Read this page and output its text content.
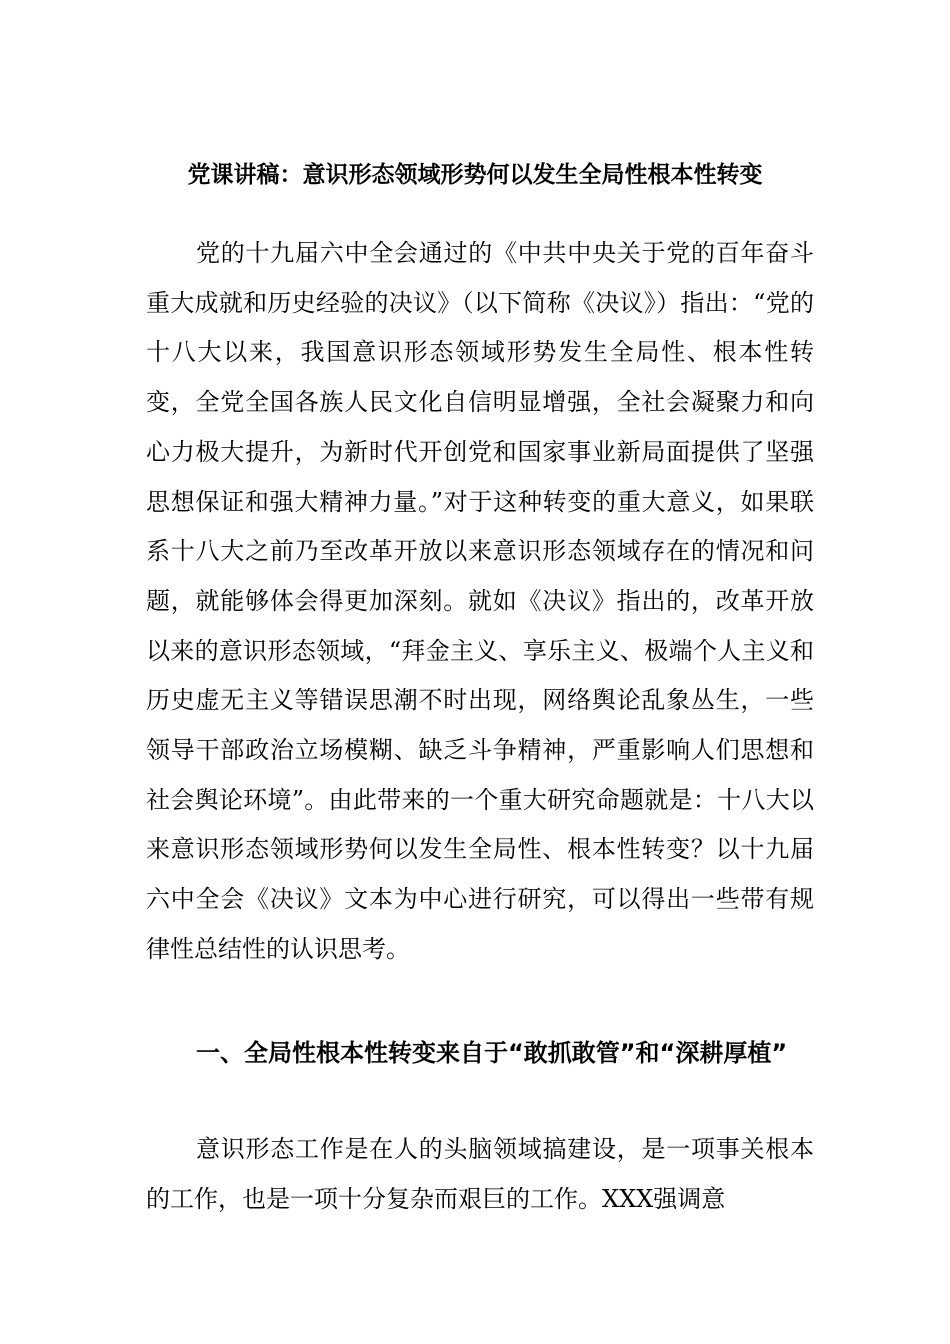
党课讲稿：意识形态领域形势何以发生全局性根本性转变

党的十九届六中全会通过的《中共中央关于党的百年奋斗重大成就和历史经验的决议》（以下简称《决议》）指出：“党的十八大以来，我国意识形态领域形势发生全局性、根本性转变，全党全国各族人民文化自信明显增强，全社会凝聚力和向心力极大提升，为新时代开创党和国家事业新局面提供了坚强思想保证和强大精神力量。”对于这种转变的重大意义，如果联系十八大之前乃至改革开放以来意识形态领域存在的情况和问题，就能够体会得更加深刻。就如《决议》指出的，改革开放以来的意识形态领域，“拜金主义、享乐主义、极端个人主义和历史虚无主义等错误思潮不时出现，网络舆论乱象丛生，一些领导干部政治立场模糊、缺乏斗争精神，严重影响人们思想和社会舆论环境”。由此带来的一个重大研究命题就是：十八大以来意识形态领域形势何以发生全局性、根本性转变？以十九届六中全会《决议》文本为中心进行研究，可以得出一些带有规律性总结性的认识思考。

一、全局性根本性转变来自于“敢抓敢管”和“深耕厚植”

意识形态工作是在人的头脑领域搞建设，是一项事关根本的工作，也是一项十分复杂而艰巨的工作。XXX强调意
